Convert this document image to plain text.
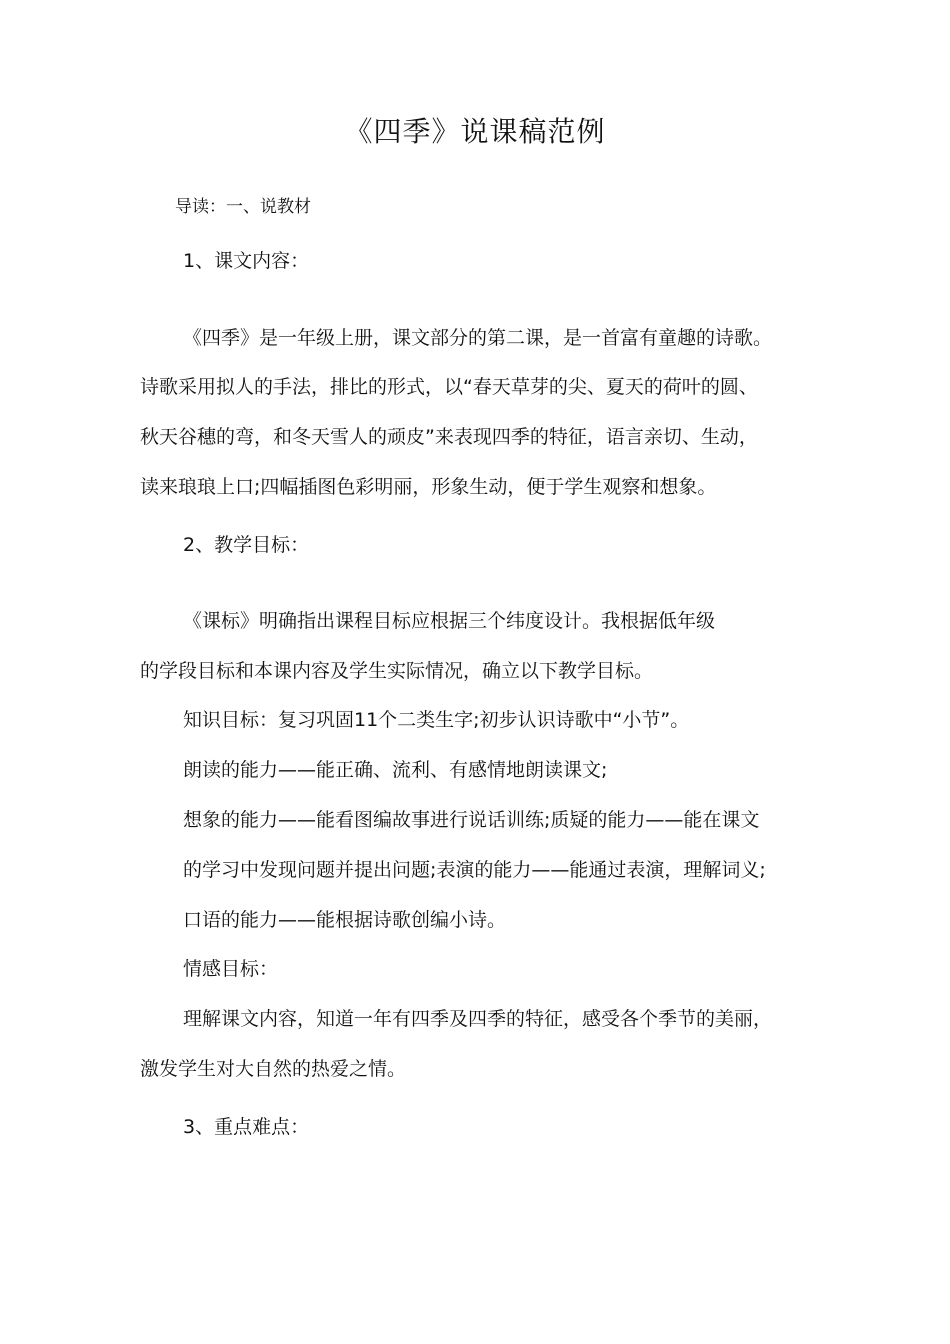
《四季》说课稿范例
导读：一、说教材
1、课文内容：
《四季》是一年级上册，课文部分的第二课，是一首富有童趣的诗歌。
诗歌采用拟人的手法，排比的形式，以“春天草芽的尖、夏天的荷叶的圆、
秋天谷穗的弯，和冬天雪人的顽皮”来表现四季的特征，语言亲切、生动，
读来琅琅上口;四幅插图色彩明丽，形象生动，便于学生观察和想象。
2、教学目标：
《课标》明确指出课程目标应根据三个纬度设计。我根据低年级
的学段目标和本课内容及学生实际情况，确立以下教学目标。
知识目标：复习巩固11个二类生字;初步认识诗歌中“小节”。
朗读的能力——能正确、流利、有感情地朗读课文;
想象的能力——能看图编故事进行说话训练;质疑的能力——能在课文
的学习中发现问题并提出问题;表演的能力——能通过表演，理解词义;
口语的能力——能根据诗歌创编小诗。
情感目标：
理解课文内容，知道一年有四季及四季的特征，感受各个季节的美丽，
激发学生对大自然的热爱之情。
3、重点难点：
